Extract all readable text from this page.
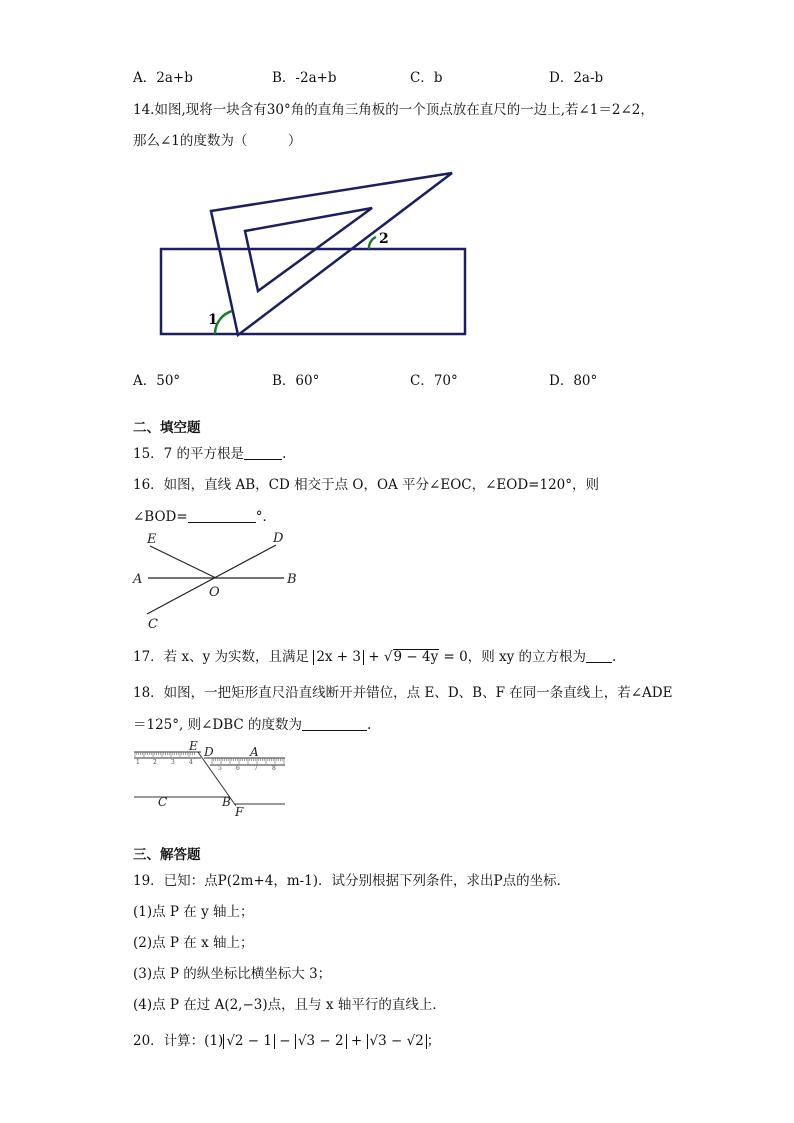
A．2a+b	B．-2a+b	C．b	D．2a-b
14.如图,现将一块含有30°角的直角三角板的一个顶点放在直尺的一边上,若∠1＝2∠2，
那么∠1的度数为（　　　）
1
2
A．50°	B．60°	C．70°	D．80°
二、填空题
15．7 的平方根是	.
16．如图，直线 AB，CD 相交于点 O，OA 平分∠EOC，∠EOD=120°，则
∠BOD=	°．
E	D
A	B
O
C
17．若 x、y 为实数，且满足 2x + 3 + √9 − 4y = 0，则 xy 的立方根为 .
18．如图，一把矩形直尺沿直线断开并错位，点 E、D、B、F 在同一条直线上，若∠ADE
＝125°, 则∠DBC 的度数为	.
1 2 3 4
5 6 7 8
E D	A
C	B
F
三、解答题
19．已知：点P(2m+4，m-1)．试分别根据下列条件，求出P点的坐标．
(1)点 P 在 y 轴上；
(2)点 P 在 x 轴上；
(3)点 P 的纵坐标比横坐标大 3；
(4)点 P 在过 A(2,−3)点，且与 x 轴平行的直线上．
20．计算：(1) √2 − 1 − √3 − 2 + √3 − √2 ；
